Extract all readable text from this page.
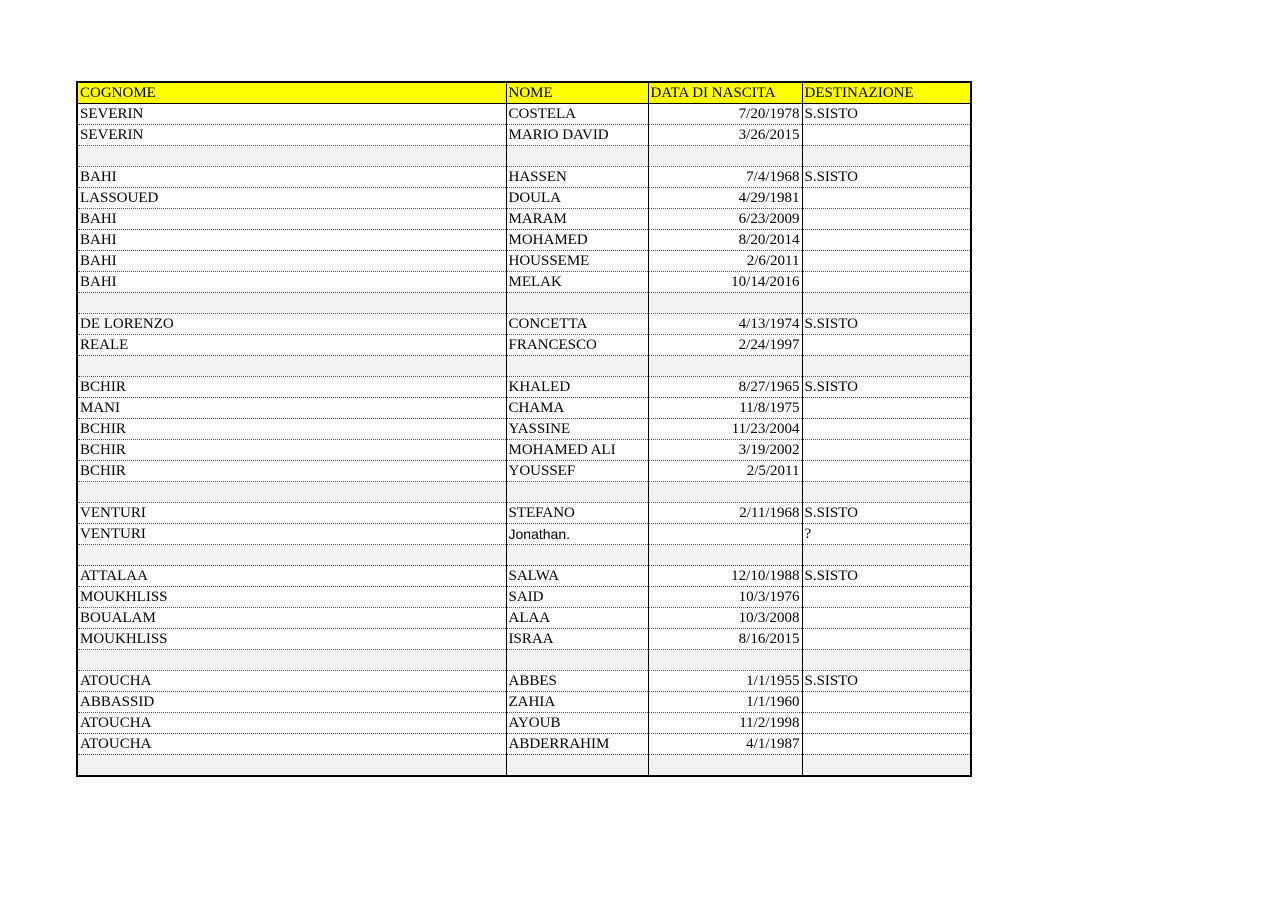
COGNOME	NOME	DATA DI NASCITA	DESTINAZIONE
SEVERIN	COSTELA	7/20/1978	S.SISTO
SEVERIN	MARIO DAVID	3/26/2015	

BAHI	HASSEN	7/4/1968	S.SISTO
LASSOUED	DOULA	4/29/1981	
BAHI	MARAM	6/23/2009	
BAHI	MOHAMED	8/20/2014	
BAHI	HOUSSEME	2/6/2011	
BAHI	MELAK	10/14/2016	

DE LORENZO	CONCETTA	4/13/1974	S.SISTO
REALE	FRANCESCO	2/24/1997	

BCHIR	KHALED	8/27/1965	S.SISTO
MANI	CHAMA	11/8/1975	
BCHIR	YASSINE	11/23/2004	
BCHIR	MOHAMED ALI	3/19/2002	
BCHIR	YOUSSEF	2/5/2011	

VENTURI	STEFANO	2/11/1968	S.SISTO
VENTURI	Jonathan.		?

ATTALAA	SALWA	12/10/1988	S.SISTO
MOUKHLISS	SAID	10/3/1976	
BOUALAM	ALAA	10/3/2008	
MOUKHLISS	ISRAA	8/16/2015	

ATOUCHA	ABBES	1/1/1955	S.SISTO
ABBASSID	ZAHIA	1/1/1960	
ATOUCHA	AYOUB	11/2/1998	
ATOUCHA	ABDERRAHIM	4/1/1987	
